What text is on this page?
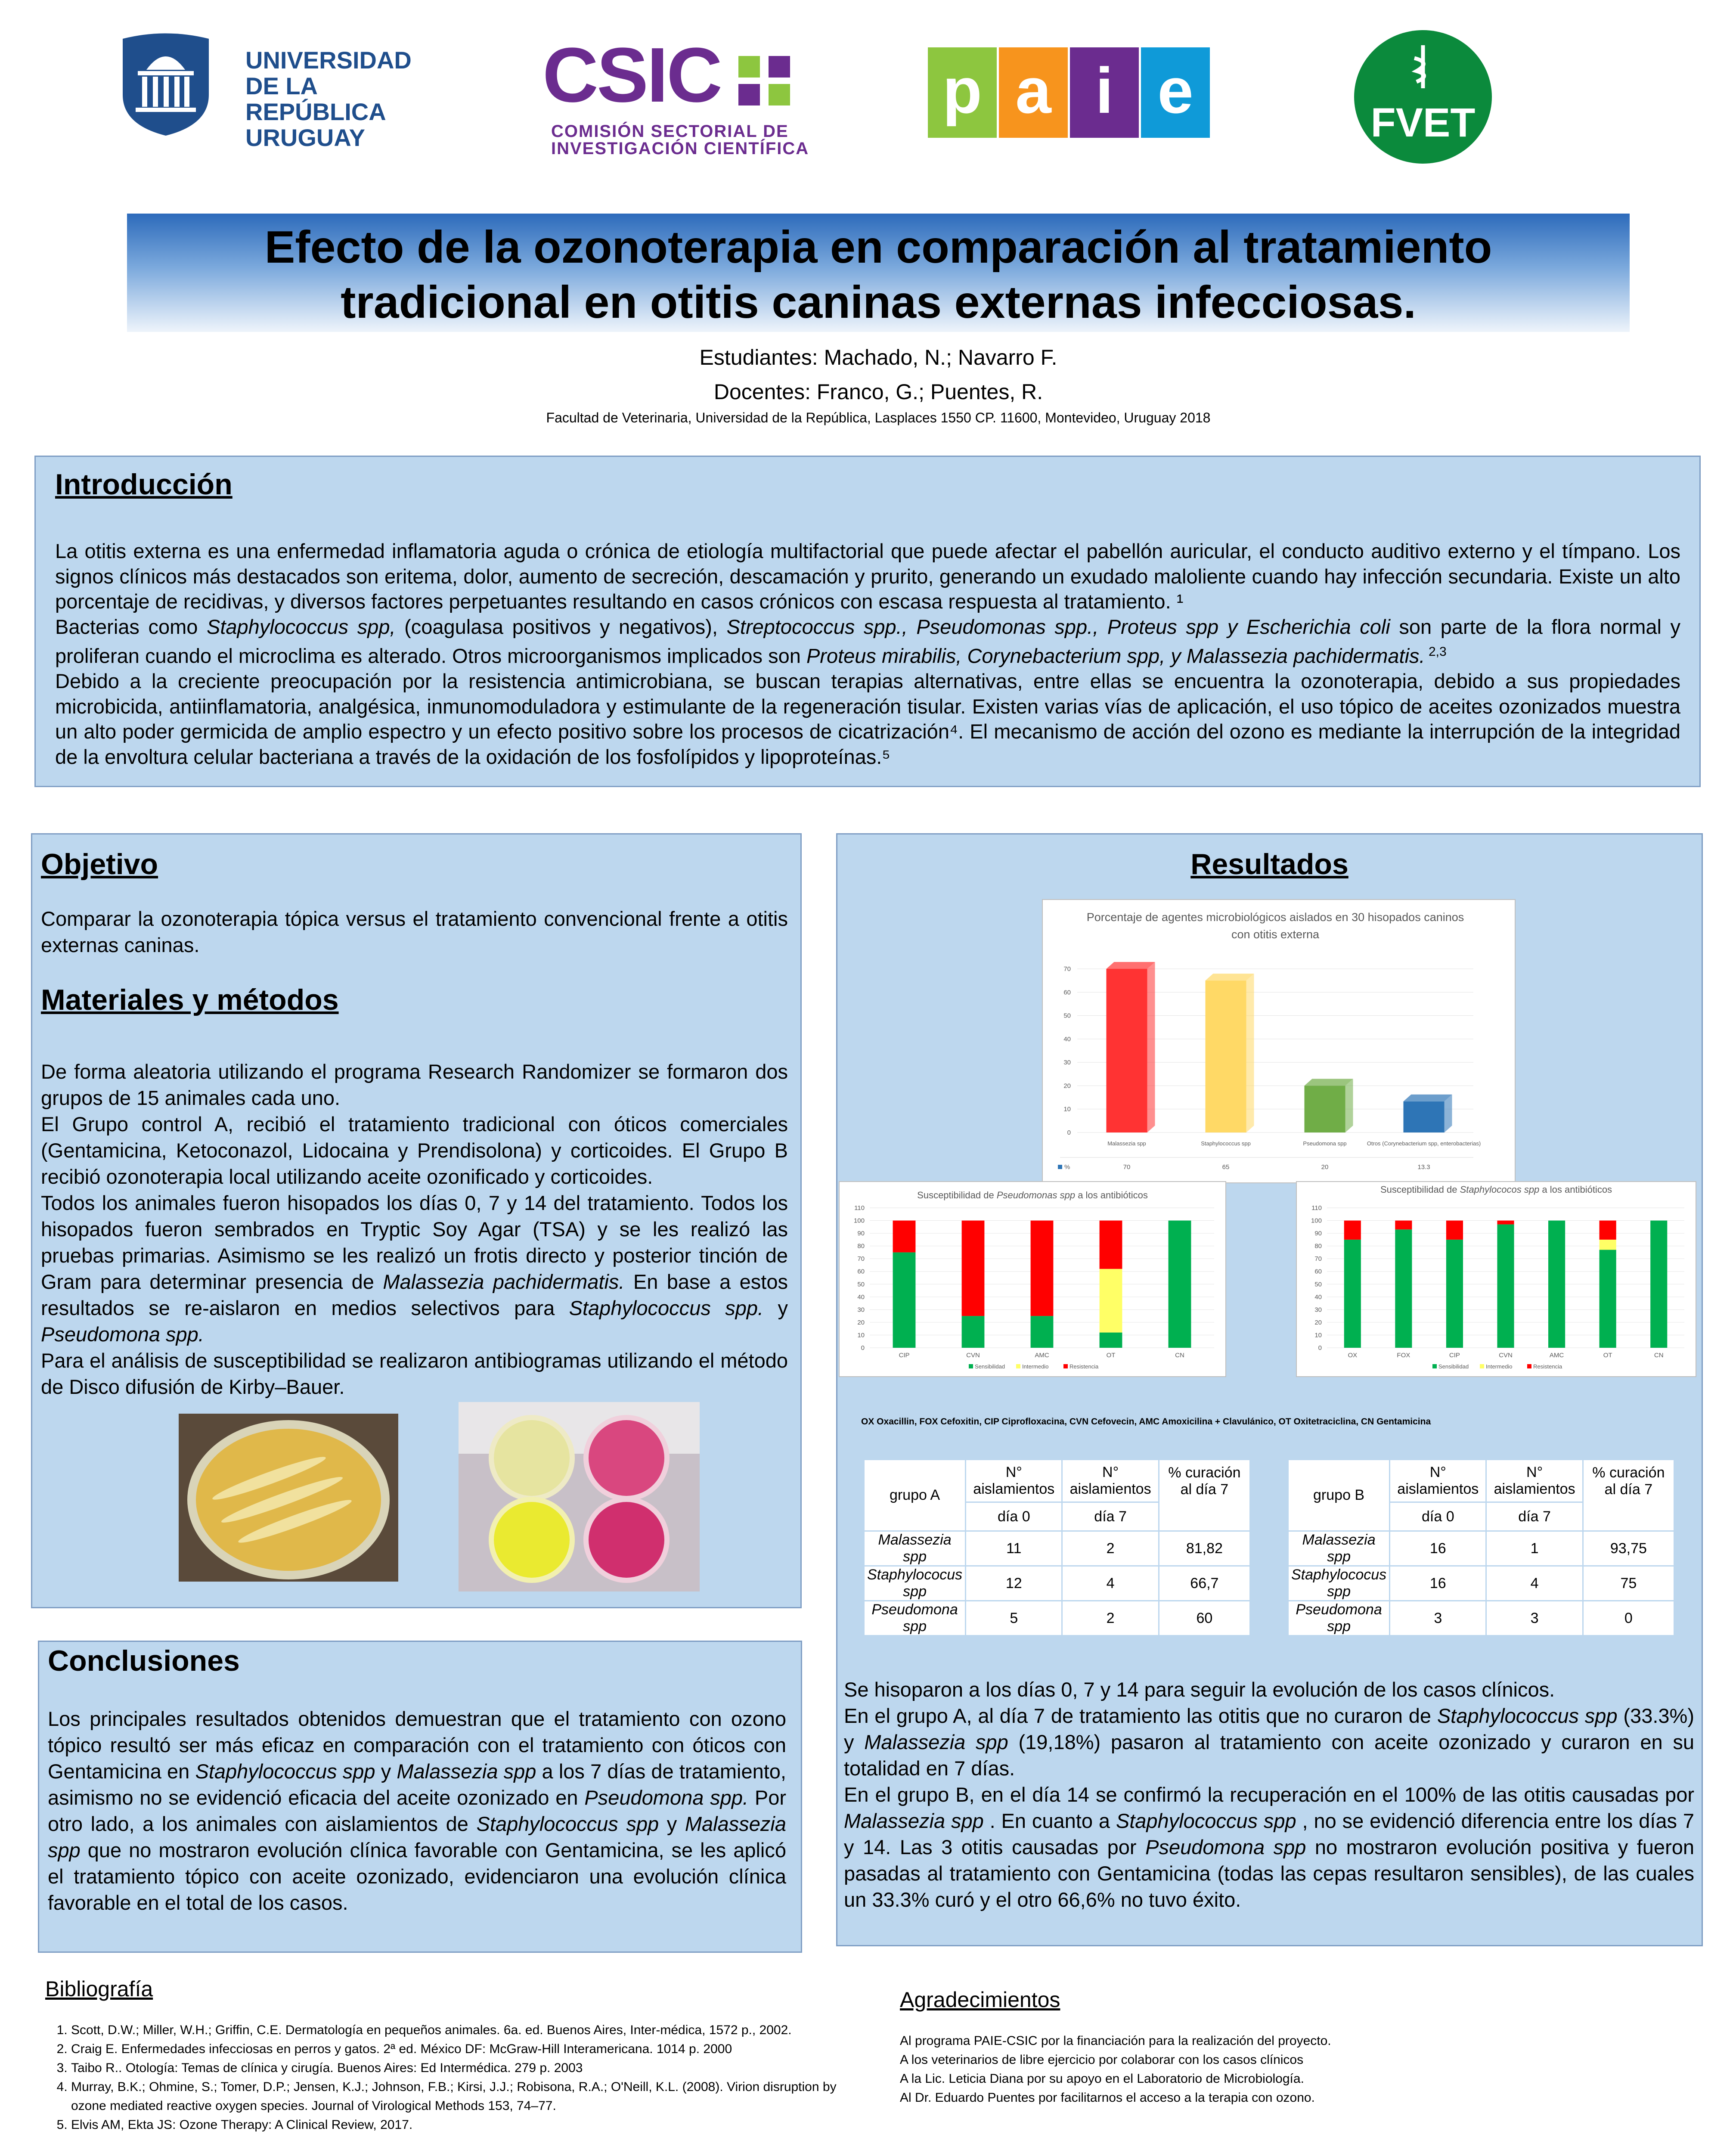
UNIVERSIDAD
DE LA REPÚBLICA
URUGUAY
CSIC
COMISIÓN SECTORIAL DE
INVESTIGACIÓN CIENTÍFICA
p a i e	FVET
Efecto de la ozonoterapia en comparación al tratamiento
tradicional en otitis caninas externas infecciosas.
Estudiantes: Machado, N.; Navarro F.
Docentes: Franco, G.; Puentes, R.
Facultad de Veterinaria, Universidad de la República, Lasplaces 1550 CP. 11600, Montevideo, Uruguay 2018
Introducción
La otitis externa es una enfermedad inflamatoria aguda o crónica de etiología multifactorial que puede afectar el pabellón auricular, el conducto auditivo externo y el tímpano. Los signos clínicos más destacados son eritema, dolor, aumento de secreción, descamación y prurito, generando un exudado maloliente cuando hay infección secundaria. Existe un alto porcentaje de recidivas, y diversos factores perpetuantes resultando en casos crónicos con escasa respuesta al tratamiento. ¹
Bacterias como Staphylococcus spp, (coagulasa positivos y negativos), Streptococcus spp., Pseudomonas spp., Proteus spp y Escherichia coli son parte de la flora normal y proliferan cuando el microclima es alterado. Otros microorganismos implicados son Proteus mirabilis, Corynebacterium spp, y Malassezia pachidermatis. $^{2,3}$
Debido a la creciente preocupación por la resistencia antimicrobiana, se buscan terapias alternativas, entre ellas se encuentra la ozonoterapia, debido a sus propiedades microbicida, antiinflamatoria, analgésica, inmunomoduladora y estimulante de la regeneración tisular. Existen varias vías de aplicación, el uso tópico de aceites ozonizados muestra un alto poder germicida de amplio espectro y un efecto positivo sobre los procesos de cicatrización⁴. El mecanismo de acción del ozono es mediante la interrupción de la integridad de la envoltura celular bacteriana a través de la oxidación de los fosfolípidos y lipoproteínas.⁵
Objetivo
Comparar la ozonoterapia tópica versus el tratamiento convencional frente a otitis externas caninas.
Materiales y métodos
De forma aleatoria utilizando el programa Research Randomizer se formaron dos grupos de 15 animales cada uno.
El Grupo control A, recibió el tratamiento tradicional con óticos comerciales (Gentamicina, Ketoconazol, Lidocaina y Prendisolona) y corticoides. El Grupo B recibió ozonoterapia local utilizando aceite ozonificado y corticoides.
Todos los animales fueron hisopados los días 0, 7 y 14 del tratamiento. Todos los hisopados fueron sembrados en Tryptic Soy Agar (TSA) y se les realizó las pruebas primarias. Asimismo se les realizó un frotis directo y posterior tinción de Gram para determinar presencia de Malassezia pachidermatis. En base a estos resultados se re-aislaron en medios selectivos para Staphylococcus spp. y Pseudomona spp.
Para el análisis de susceptibilidad se realizaron antibiogramas utilizando el método de Disco difusión de Kirby–Bauer.
Conclusiones
Los principales resultados obtenidos demuestran que el tratamiento con ozono tópico resultó ser más eficaz en comparación con el tratamiento con óticos con Gentamicina en Staphylococcus spp y Malassezia spp a los 7 días de tratamiento, asimismo no se evidenció eficacia del aceite ozonizado en Pseudomona spp. Por otro lado, a los animales con aislamientos de Staphylococcus spp y Malassezia spp que no mostraron evolución clínica favorable con Gentamicina, se les aplicó el tratamiento tópico con aceite ozonizado, evidenciaron una evolución clínica favorable en el total de los casos.
Resultados
Porcentaje de agentes microbiológicos aislados en 30 hisopados caninos con otitis externa
0
10
20
30
40
50
60
70
Malassezia spp
70
Staphylococcus spp
65
Pseudomona spp
20
Otros (Corynebacterium spp, enterobacterias)
13.3
%
Susceptibilidad de Pseudomonas spp a los antibióticos
0
10
20
30
40
50
60
70
80
90
100
110
CIP	CVN	AMC	OT	CN
Sensibilidad	Intermedio	Resistencia
Susceptibilidad de Staphylococos spp a los antibióticos
0
10
20
30
40
50
60
70
80
90
100
110
OX	FOX	CIP	CVN	AMC	OT	CN
Sensibilidad	Intermedio	Resistencia
OX Oxacillin, FOX Cefoxitin, CIP Ciprofloxacina, CVN Cefovecin, AMC Amoxicilina + Clavulánico, OT Oxitetraciclina, CN Gentamicina
grupo A	N° aislamientos	N° aislamientos	% curación al día 7
	día 0	día 7	
Malassezia spp	11	2	81,82
Staphylococus spp	12	4	66,7
Pseudomona spp	5	2	60
grupo B	N° aislamientos	N° aislamientos	% curación al día 7
	día 0	día 7	
Malassezia spp	16	1	93,75
Staphylococus spp	16	4	75
Pseudomona spp	3	3	0
Se hisoparon a los días 0, 7 y 14 para seguir la evolución de los casos clínicos.
En el grupo A, al día 7 de tratamiento las otitis que no curaron de Staphylococcus spp (33.3%) y Malassezia spp (19,18%) pasaron al tratamiento con aceite ozonizado y curaron en su totalidad en 7 días.
En el grupo B, en el día 14 se confirmó la recuperación en el 100% de las otitis causadas por Malassezia spp . En cuanto a Staphylococcus spp , no se evidenció diferencia entre los días 7 y 14. Las 3 otitis causadas por Pseudomona spp no mostraron evolución positiva y fueron pasadas al tratamiento con Gentamicina (todas las cepas resultaron sensibles), de las cuales un 33.3% curó y el otro 66,6% no tuvo éxito.
Bibliografía
1. Scott, D.W.; Miller, W.H.; Griffin, C.E. Dermatología en pequeños animales. 6a. ed. Buenos Aires, Inter-médica, 1572 p., 2002.
2. Craig E. Enfermedades infecciosas en perros y gatos. 2ª ed. México DF: McGraw-Hill Interamericana. 1014 p. 2000
3. Taibo R.. Otología: Temas de clínica y cirugía. Buenos Aires: Ed Intermédica. 279 p. 2003
4. Murray, B.K.; Ohmine, S.; Tomer, D.P.; Jensen, K.J.; Johnson, F.B.; Kirsi, J.J.; Robisona, R.A.; O'Neill, K.L. (2008). Virion disruption by ozone mediated reactive oxygen species. Journal of Virological Methods 153, 74–77.
5. Elvis AM, Ekta JS: Ozone Therapy: A Clinical Review, 2017.
Agradecimientos
Al programa PAIE-CSIC por la financiación para la realización del proyecto.
A los veterinarios de libre ejercicio por colaborar con los casos clínicos
A la Lic. Leticia Diana por su apoyo en el Laboratorio de Microbiología.
Al Dr. Eduardo Puentes por facilitarnos el acceso a la terapia con ozono.
